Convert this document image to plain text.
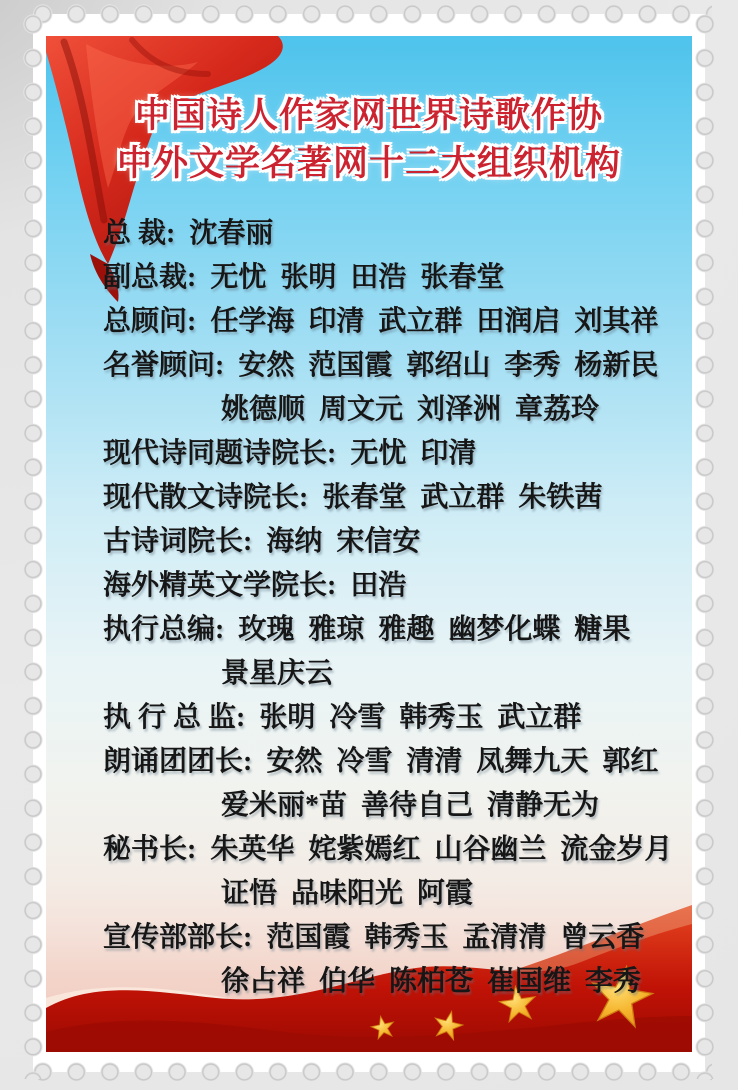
中国诗人作家网世界诗歌作协
中外文学名著网十二大组织机构
总 裁:  沈春丽
副总裁:  无忧  张明  田浩  张春堂
总顾问:  任学海  印清  武立群  田润启  刘其祥
名誉顾问:  安然  范国霞  郭绍山  李秀  杨新民
姚德顺  周文元  刘泽洲  章荔玲
现代诗同题诗院长:  无忧  印清
现代散文诗院长:  张春堂  武立群  朱铁茜
古诗词院长:  海纳  宋信安
海外精英文学院长:  田浩
执行总编:  玫瑰  雅琼  雅趣  幽梦化蝶  糖果
景星庆云
执 行 总 监:  张明  冷雪  韩秀玉  武立群
朗诵团团长:  安然  冷雪  清清  凤舞九天  郭红
爱米丽*苗  善待自己  清静无为
秘书长:  朱英华  姹紫嫣红  山谷幽兰  流金岁月
证悟  品味阳光  阿霞
宣传部部长:  范国霞  韩秀玉  孟清清  曾云香
徐占祥  伯华  陈柏苍  崔国维  李秀
